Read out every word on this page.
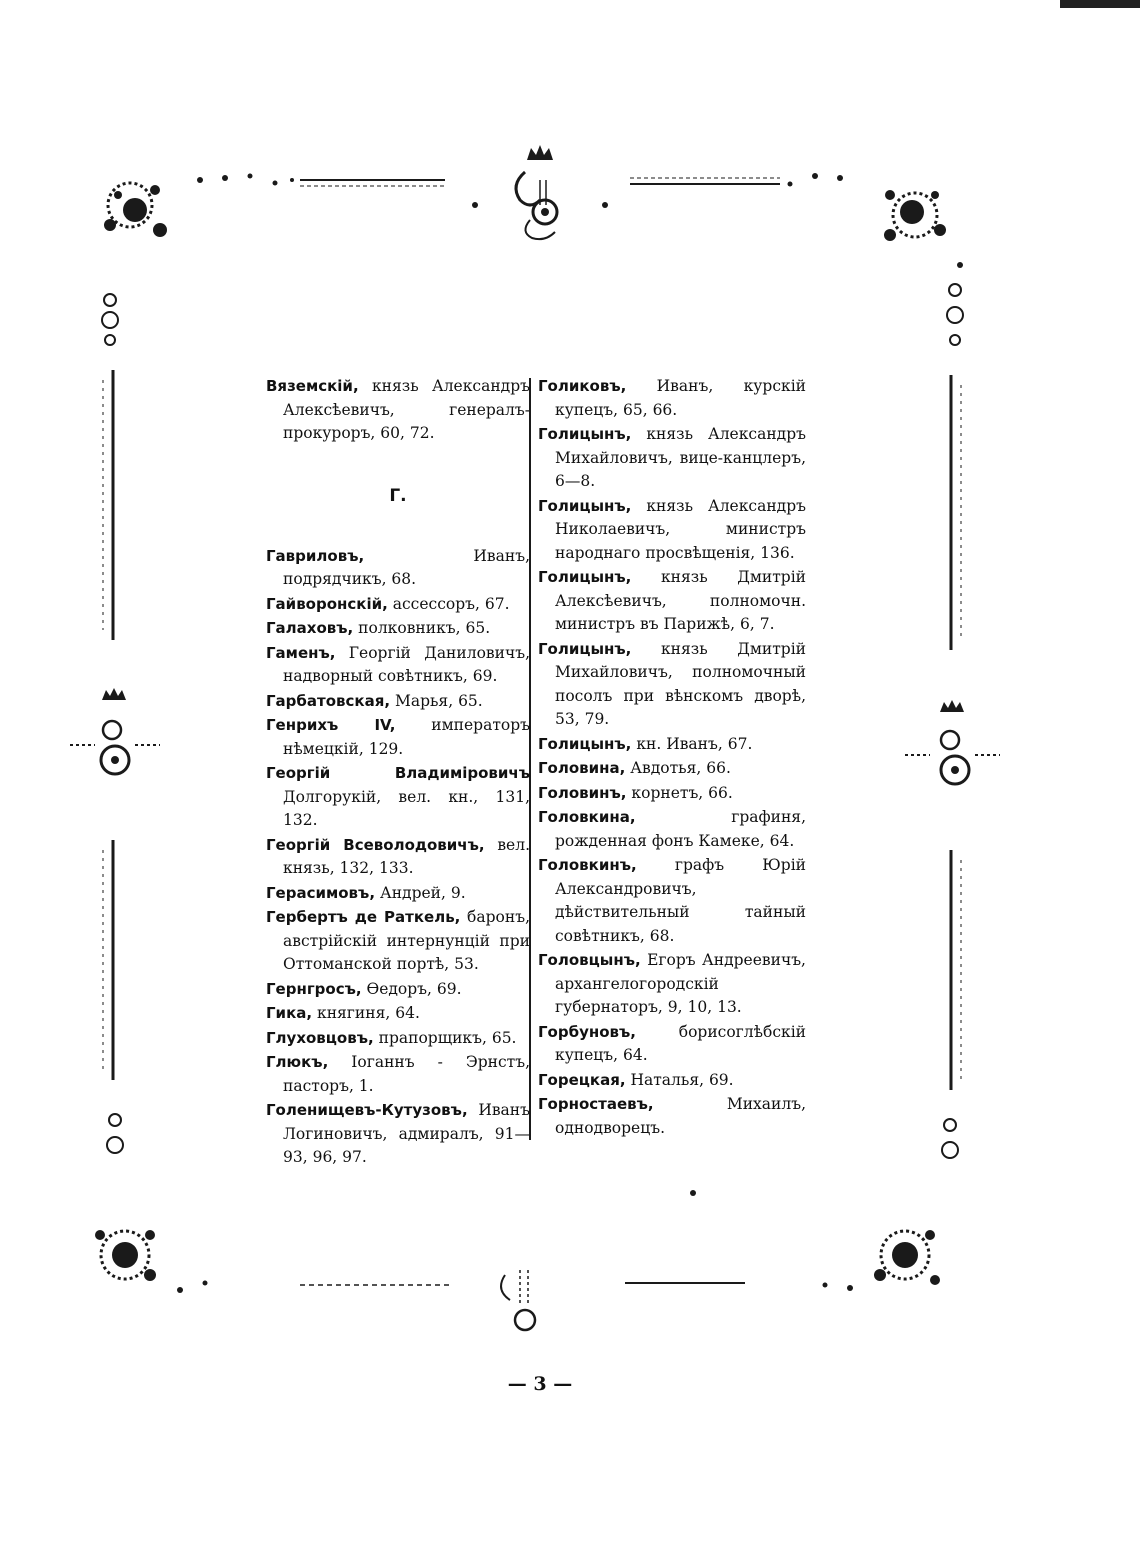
Вяземскій, князь Александръ Алексѣевичъ, генералъ-прокуроръ, 60, 72.

Г.

Гавриловъ, Иванъ, подрядчикъ, 68.

Гайворонскій, ассессоръ, 67.

Галаховъ, полковникъ, 65.

Гаменъ, Георгій Даниловичъ, надворный совѣтникъ, 69.

Гарбатовская, Марья, 65.

Генрихъ IV, императоръ нѣмецкій, 129.

Георгій Владиміровичъ Долгорукій, вел. кн., 131, 132.

Георгій Всеволодовичъ, вел. князь, 132, 133.

Герасимовъ, Андрей, 9.

Гербертъ де Раткель, баронъ, австрійскій интернунцій при Оттоманской портѣ, 53.

Гернгросъ, Ѳедоръ, 69.

Гика, княгиня, 64.

Глуховцовъ, прапорщикъ, 65.

Глюкъ, Іоганнъ - Эрнстъ, пасторъ, 1.

Голенищевъ-Кутузовъ, Иванъ Логиновичъ, адмиралъ, 91—93, 96, 97.

Голиковъ, Иванъ, курскій купецъ, 65, 66.

Голицынъ, князь Александръ Михайловичъ, вице-канцлеръ, 6—8.

Голицынъ, князь Александръ Николаевичъ, министръ народнаго просвѣщенія, 136.

Голицынъ, князь Дмитрій Алексѣевичъ, полномочн. министръ въ Парижѣ, 6, 7.

Голицынъ, князь Дмитрій Михайловичъ, полномочный посолъ при вѣнскомъ дворѣ, 53, 79.

Голицынъ, кн. Иванъ, 67.

Головина, Авдотья, 66.

Головинъ, корнетъ, 66.

Головкина, графиня, рожденная фонъ Камеке, 64.

Головкинъ, графъ Юрій Александровичъ, дѣйствительный тайный совѣтникъ, 68.

Головцынъ, Егоръ Андреевичъ, архангелогородскій губернаторъ, 9, 10, 13.

Горбуновъ, борисоглѣбскій купецъ, 64.

Горецкая, Наталья, 69.

Горностаевъ, Михаилъ, однодворецъ.

— 3 —
